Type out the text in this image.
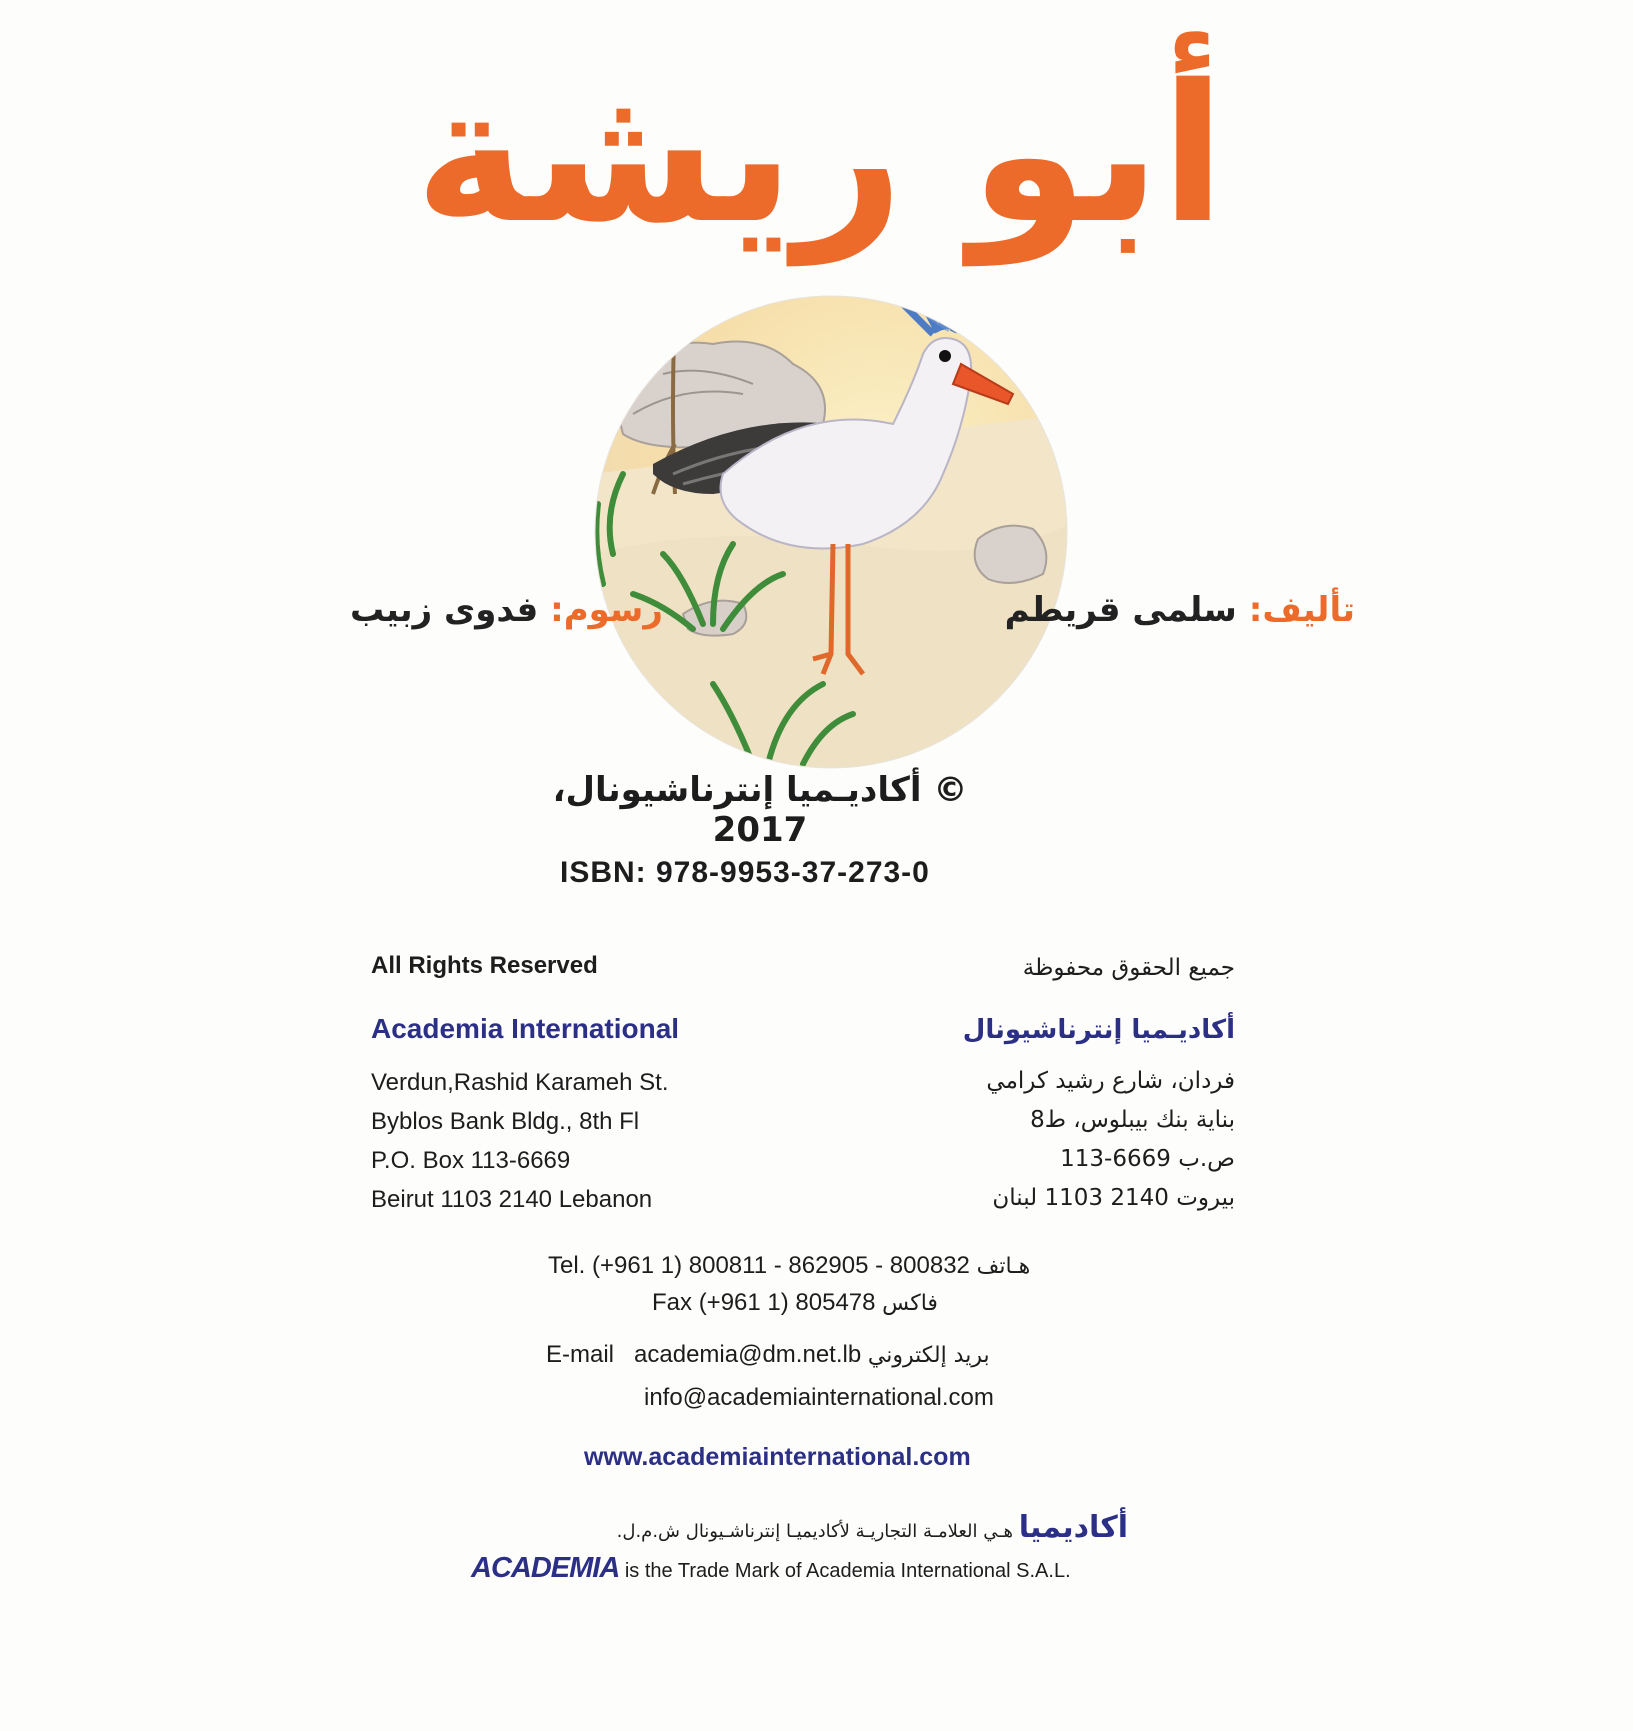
أبو ريشة
تأليف: سلمى قريطم
رسوم: فدوى زبيب
© أكاديـميا إنترناشيونال، 2017
ISBN: 978-9953-37-273-0
All Rights Reserved
Academia International
Verdun,Rashid Karameh St.
Byblos Bank Bldg., 8th Fl
P.O. Box 113-6669
Beirut 1103 2140 Lebanon
جميع الحقوق محفوظة
أكاديـميا إنترناشيونال
فردان، شارع رشيد كرامي
بناية بنك بيبلوس، ط8
ص.ب 6669-113
بيروت 2140 1103 لبنان
Tel. (+961 1) 800811 - 862905 - 800832 هـاتف
Fax (+961 1) 805478 فاكس
E-mail academia@dm.net.lb بريد إلكتروني
info@academiainternational.com
www.academiainternational.com
أكاديميا هـي العلامـة التجاريـة لأكاديميـا إنترناشـيونال ش.م.ل.
ACADEMIA is the Trade Mark of Academia International S.A.L.
